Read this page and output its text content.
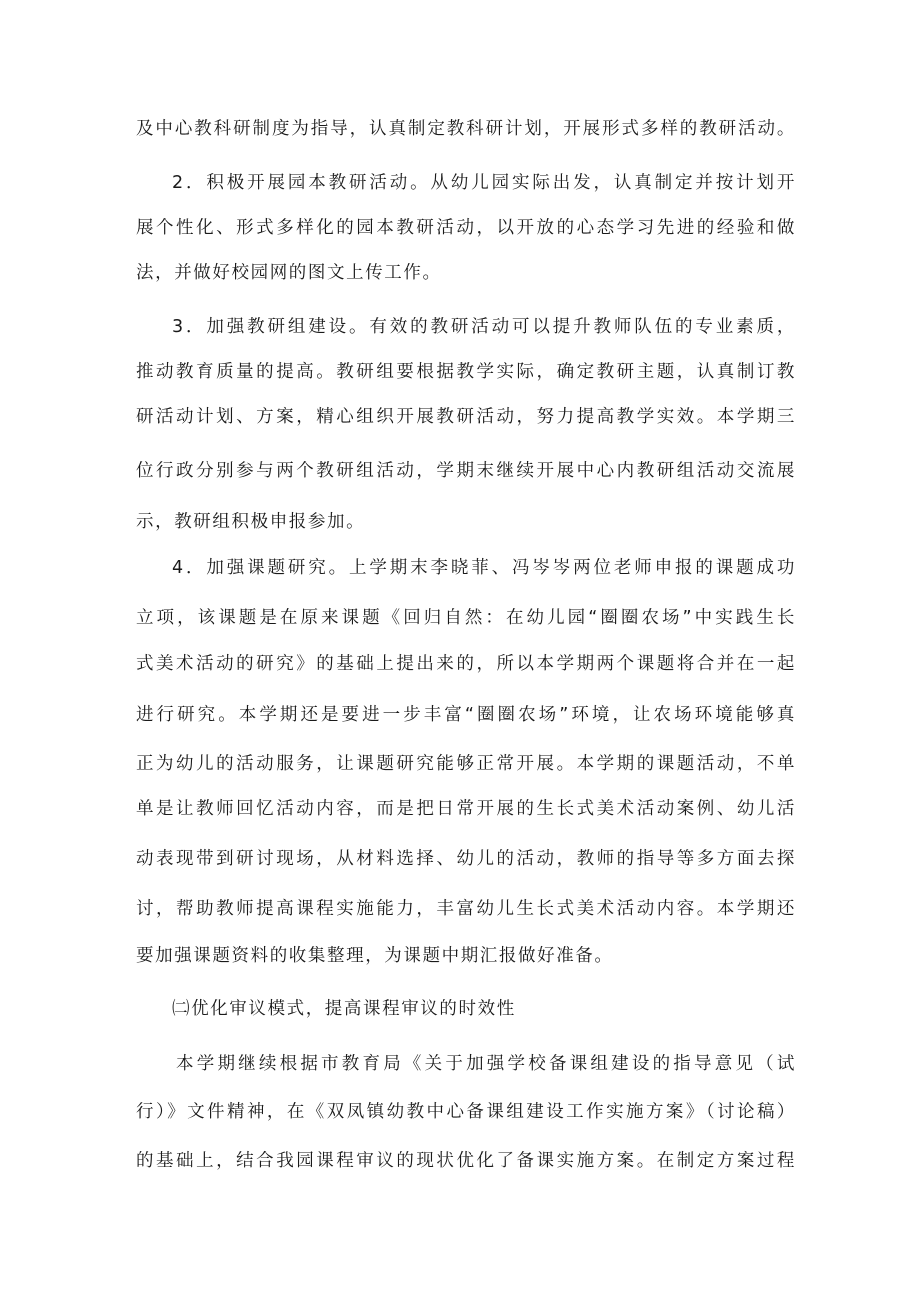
及中心教科研制度为指导，认真制定教科研计划，开展形式多样的教研活动。
2．积极开展园本教研活动。从幼儿园实际出发，认真制定并按计划开
展个性化、形式多样化的园本教研活动，以开放的心态学习先进的经验和做
法，并做好校园网的图文上传工作。
3．加强教研组建设。有效的教研活动可以提升教师队伍的专业素质，
推动教育质量的提高。教研组要根据教学实际，确定教研主题，认真制订教
研活动计划、方案，精心组织开展教研活动，努力提高教学实效。本学期三
位行政分别参与两个教研组活动，学期末继续开展中心内教研组活动交流展
示，教研组积极申报参加。
4．加强课题研究。上学期末李晓菲、冯岑岑两位老师申报的课题成功
立项，该课题是在原来课题《回归自然：在幼儿园“圈圈农场”中实践生长
式美术活动的研究》的基础上提出来的，所以本学期两个课题将合并在一起
进行研究。本学期还是要进一步丰富“圈圈农场”环境，让农场环境能够真
正为幼儿的活动服务，让课题研究能够正常开展。本学期的课题活动，不单
单是让教师回忆活动内容，而是把日常开展的生长式美术活动案例、幼儿活
动表现带到研讨现场，从材料选择、幼儿的活动，教师的指导等多方面去探
讨，帮助教师提高课程实施能力，丰富幼儿生长式美术活动内容。本学期还
要加强课题资料的收集整理，为课题中期汇报做好准备。
㈡优化审议模式，提高课程审议的时效性
本学期继续根据市教育局《关于加强学校备课组建设的指导意见（试
行）》文件精神，在《双凤镇幼教中心备课组建设工作实施方案》（讨论稿）
的基础上，结合我园课程审议的现状优化了备课实施方案。在制定方案过程
